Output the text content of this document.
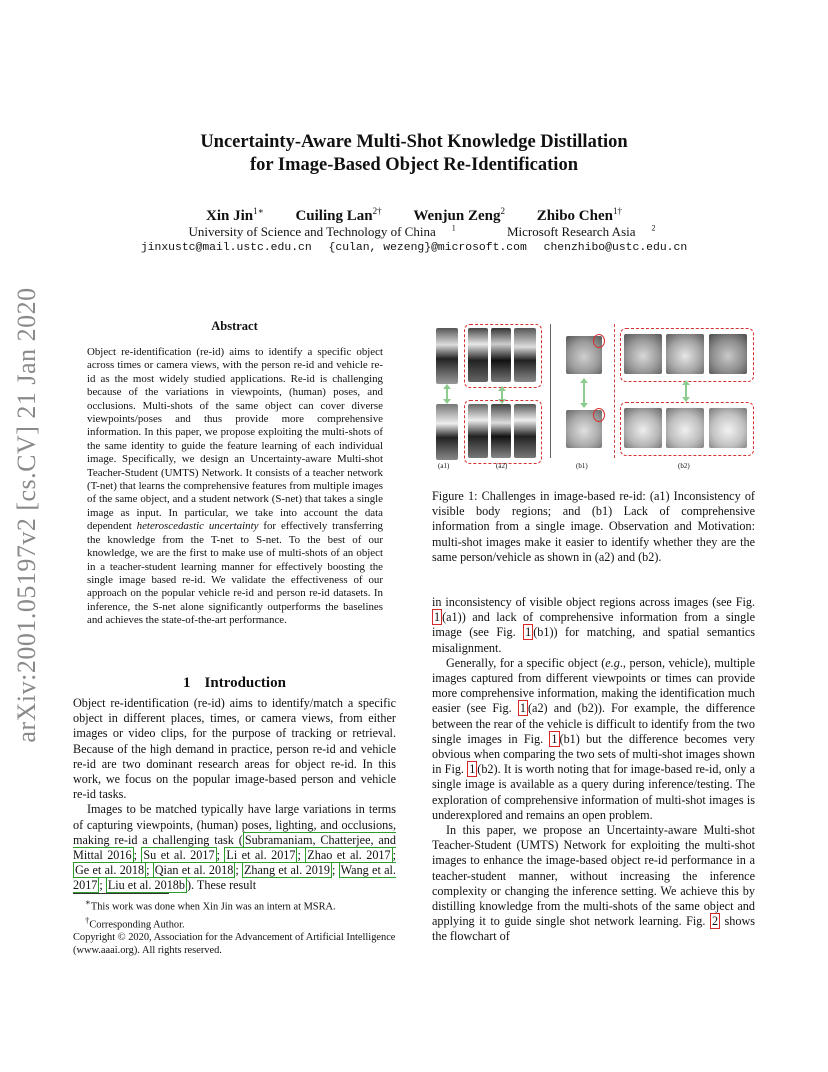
Uncertainty-Aware Multi-Shot Knowledge Distillation
for Image-Based Object Re-Identification
Xin Jin$^{1∗}$ Cuiling Lan$^{2\dagger}$ Wenjun Zeng$^2$ Zhibo Chen$^{1\dagger}$
University of Science and Technology of China $^1$	Microsoft Research Asia $^2$
jinxustc@mail.ustc.edu.cn {culan, wezeng}@microsoft.com chenzhibo@ustc.edu.cn
arXiv:2001.05197v2 [cs.CV] 21 Jan 2020	Abstract
Object re-identification (re-id) aims to identify a specific object across times or camera views, with the person re-id and vehicle re-id as the most widely studied applications. Re-id is challenging because of the variations in viewpoints, (human) poses, and occlusions. Multi-shots of the same object can cover diverse viewpoints/poses and thus provide more comprehensive information. In this paper, we propose exploiting the multi-shots of the same identity to guide the feature learning of each individual image. Specifically, we design an Uncertainty-aware Multi-shot Teacher-Student (UMTS) Network. It consists of a teacher network (T-net) that learns the comprehensive features from multiple images of the same object, and a student network (S-net) that takes a single image as input. In particular, we take into account the data dependent heteroscedastic uncertainty for effectively transferring the knowledge from the T-net to S-net. To the best of our knowledge, we are the first to make use of multi-shots of an object in a teacher-student learning manner for effectively boosting the single image based re-id. We validate the effectiveness of our approach on the popular vehicle re-id and person re-id datasets. In inference, the S-net alone significantly outperforms the baselines and achieves the state-of-the-art performance.
1 Introduction

Object re-identification (re-id) aims to identify/match a specific object in different places, times, or camera views, from either images or video clips, for the purpose of tracking or retrieval. Because of the high demand in practice, person re-id and vehicle re-id are two dominant research areas for object re-id. In this work, we focus on the popular image-based person and vehicle re-id tasks.

Images to be matched typically have large variations in terms of capturing viewpoints, (human) poses, lighting, and occlusions, making re-id a challenging task ( Subramaniam, Chatterjee, and Mittal 2016 ; Su et al. 2017 ; Li et al. 2017 ; Zhao et al. 2017 ; Ge et al. 2018 ; Qian et al. 2018 ; Zhang et al. 2019 ; Wang et al. 2017 ; Liu et al. 2018b ). These result

∗This work was done when Xin Jin was an intern at MSRA.
†Corresponding Author.
Copyright © 2020, Association for the Advancement of Artificial Intelligence (www.aaai.org). All rights reserved.
(a1)	(a2)	(b1)	(b2)
Figure 1: Challenges in image-based re-id: (a1) Inconsistency of visible body regions; and (b1) Lack of comprehensive information from a single image. Observation and Motivation: multi-shot images make it easier to identify whether they are the same person/vehicle as shown in (a2) and (b2).

in inconsistency of visible object regions across images (see Fig. 1 (a1)) and lack of comprehensive information from a single image (see Fig. 1 (b1)) for matching, and spatial semantics misalignment.

Generally, for a specific object (e.g., person, vehicle), multiple images captured from different viewpoints or times can provide more comprehensive information, making the identification much easier (see Fig. 1 (a2) and (b2)). For example, the difference between the rear of the vehicle is difficult to identify from the two single images in Fig. 1 (b1) but the difference becomes very obvious when comparing the two sets of multi-shot images shown in Fig. 1 (b2). It is worth noting that for image-based re-id, only a single image is available as a query during inference/testing. The exploration of comprehensive information of multi-shot images is underexplored and remains an open problem.

In this paper, we propose an Uncertainty-aware Multi-shot Teacher-Student (UMTS) Network for exploiting the multi-shot images to enhance the image-based object re-id performance in a teacher-student manner, without increasing the inference complexity or changing the inference setting. We achieve this by distilling knowledge from the multi-shots of the same object and applying it to guide single shot network learning. Fig. 2 shows the flowchart of
